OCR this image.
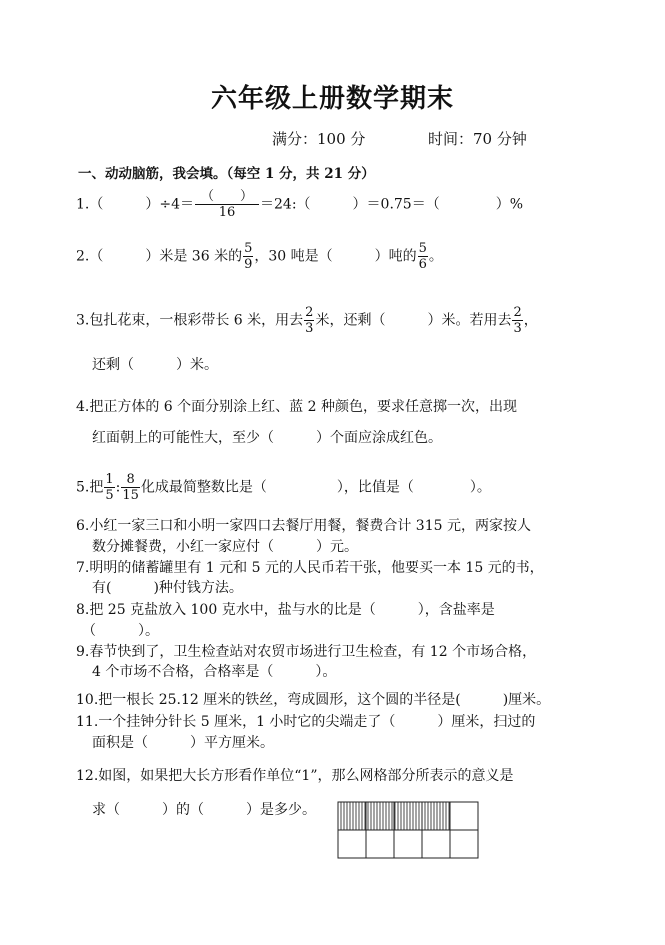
六年级上册数学期末
满分：100 分	时间：70 分钟
一、动动脑筋，我会填。（每空 1 分，共 21 分）
1.（　　　）$\div 4= \frac{( )}{16}$ ＝24:（　　　）＝0.75＝（　　　　）%
2.（　　　）米是 36 米的 $\frac{5}{9}$ ，30 吨是（　　　）吨的 $\frac{5}{6}$ 。
3.包扎花束，一根彩带长 6 米，用去 $\frac{2}{3}$ 米，还剩（　　　）米。若用去 $\frac{2}{3}$ ，
还剩（　　　）米。
4.把正方体的 6 个面分别涂上红、蓝 2 种颜色，要求任意掷一次，出现
红面朝上的可能性大，至少（　　　）个面应涂成红色。
5.把 $\frac{1}{5}$ : $\frac{8}{15}$ 化成最简整数比是（　　　　　），比值是（　　　　）。
6.小红一家三口和小明一家四口去餐厅用餐，餐费合计 315 元，两家按人
数分摊餐费，小红一家应付（　　　）元。
7.明明的储蓄罐里有 1 元和 5 元的人民币若干张，他要买一本 15 元的书，
有(　　　)种付钱方法。
8.把 25 克盐放入 100 克水中，盐与水的比是（　　　），含盐率是
（　　　）。
9.春节快到了，卫生检查站对农贸市场进行卫生检查，有 12 个市场合格，
4 个市场不合格，合格率是（　　　）。
10.把一根长 25.12 厘米的铁丝，弯成圆形，这个圆的半径是(　　　)厘米。
11.一个挂钟分针长 5 厘米，1 小时它的尖端走了（　　　）厘米，扫过的
面积是（　　　）平方厘米。
12.如图，如果把大长方形看作单位“1”，那么网格部分所表示的意义是
求（　　　）的（　　　）是多少。
